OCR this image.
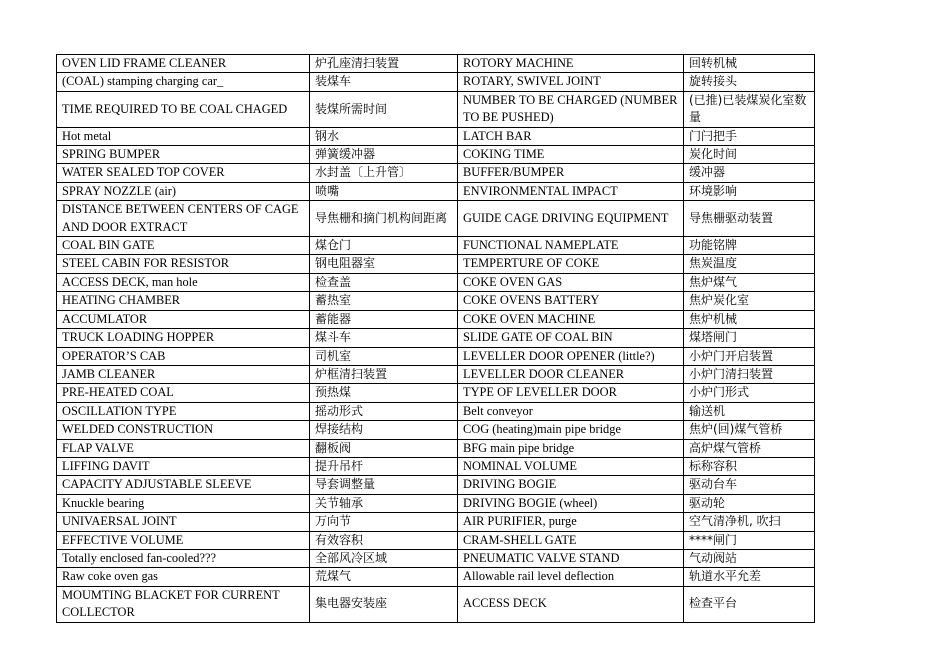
OVEN LID FRAME CLEANER	炉孔座清扫装置	ROTORY MACHINE	回转机械
(COAL) stamping charging car_	装煤车	ROTARY, SWIVEL JOINT	旋转接头
TIME REQUIRED TO BE COAL CHAGED	装煤所需时间	NUMBER TO BE CHARGED (NUMBER TO BE PUSHED)	(已推)已装煤炭化室数量
Hot metal	钢水	LATCH BAR	门闩把手
SPRING BUMPER	弹簧缓冲器	COKING TIME	炭化时间
WATER SEALED TOP COVER	水封盖〔上升管〕	BUFFER/BUMPER	缓冲器
SPRAY NOZZLE (air)	喷嘴	ENVIRONMENTAL IMPACT	环境影响
DISTANCE BETWEEN CENTERS OF CAGE AND DOOR EXTRACT	导焦栅和摘门机构间距离	GUIDE CAGE DRIVING EQUIPMENT	导焦栅驱动装置
COAL BIN GATE	煤仓门	FUNCTIONAL NAMEPLATE	功能铭牌
STEEL CABIN FOR RESISTOR	钢电阻器室	TEMPERTURE OF COKE	焦炭温度
ACCESS DECK, man hole	检查盖	COKE OVEN GAS	焦炉煤气
HEATING CHAMBER	蓄热室	COKE OVENS BATTERY	焦炉炭化室
ACCUMLATOR	蓄能器	COKE OVEN MACHINE	焦炉机械
TRUCK LOADING HOPPER	煤斗车	SLIDE GATE OF COAL BIN	煤塔闸门
OPERATOR’S CAB	司机室	LEVELLER DOOR OPENER (little?)	小炉门开启装置
JAMB CLEANER	炉框清扫装置	LEVELLER DOOR CLEANER	小炉门清扫装置
PRE-HEATED COAL	预热煤	TYPE OF LEVELLER DOOR	小炉门形式
OSCILLATION TYPE	摇动形式	Belt conveyor	输送机
WELDED CONSTRUCTION	焊接结构	COG (heating)main pipe bridge	焦炉(回)煤气管桥
FLAP VALVE	翻板阀	BFG main pipe bridge	高炉煤气管桥
LIFFING DAVIT	提升吊杆	NOMINAL VOLUME	标称容积
CAPACITY ADJUSTABLE SLEEVE	导套调整量	DRIVING BOGIE	驱动台车
Knuckle bearing	关节轴承	DRIVING BOGIE (wheel)	驱动轮
UNIVAERSAL JOINT	万向节	AIR PURIFIER, purge	空气清净机, 吹扫
EFFECTIVE VOLUME	有效容积	CRAM-SHELL GATE	****闸门
Totally enclosed fan-cooled???	全部风冷区域	PNEUMATIC VALVE STAND	气动阀站
Raw coke oven gas	荒煤气	Allowable rail level deflection	轨道水平允差
MOUMTING BLACKET FOR CURRENT COLLECTOR	集电器安装座	ACCESS DECK	检查平台
